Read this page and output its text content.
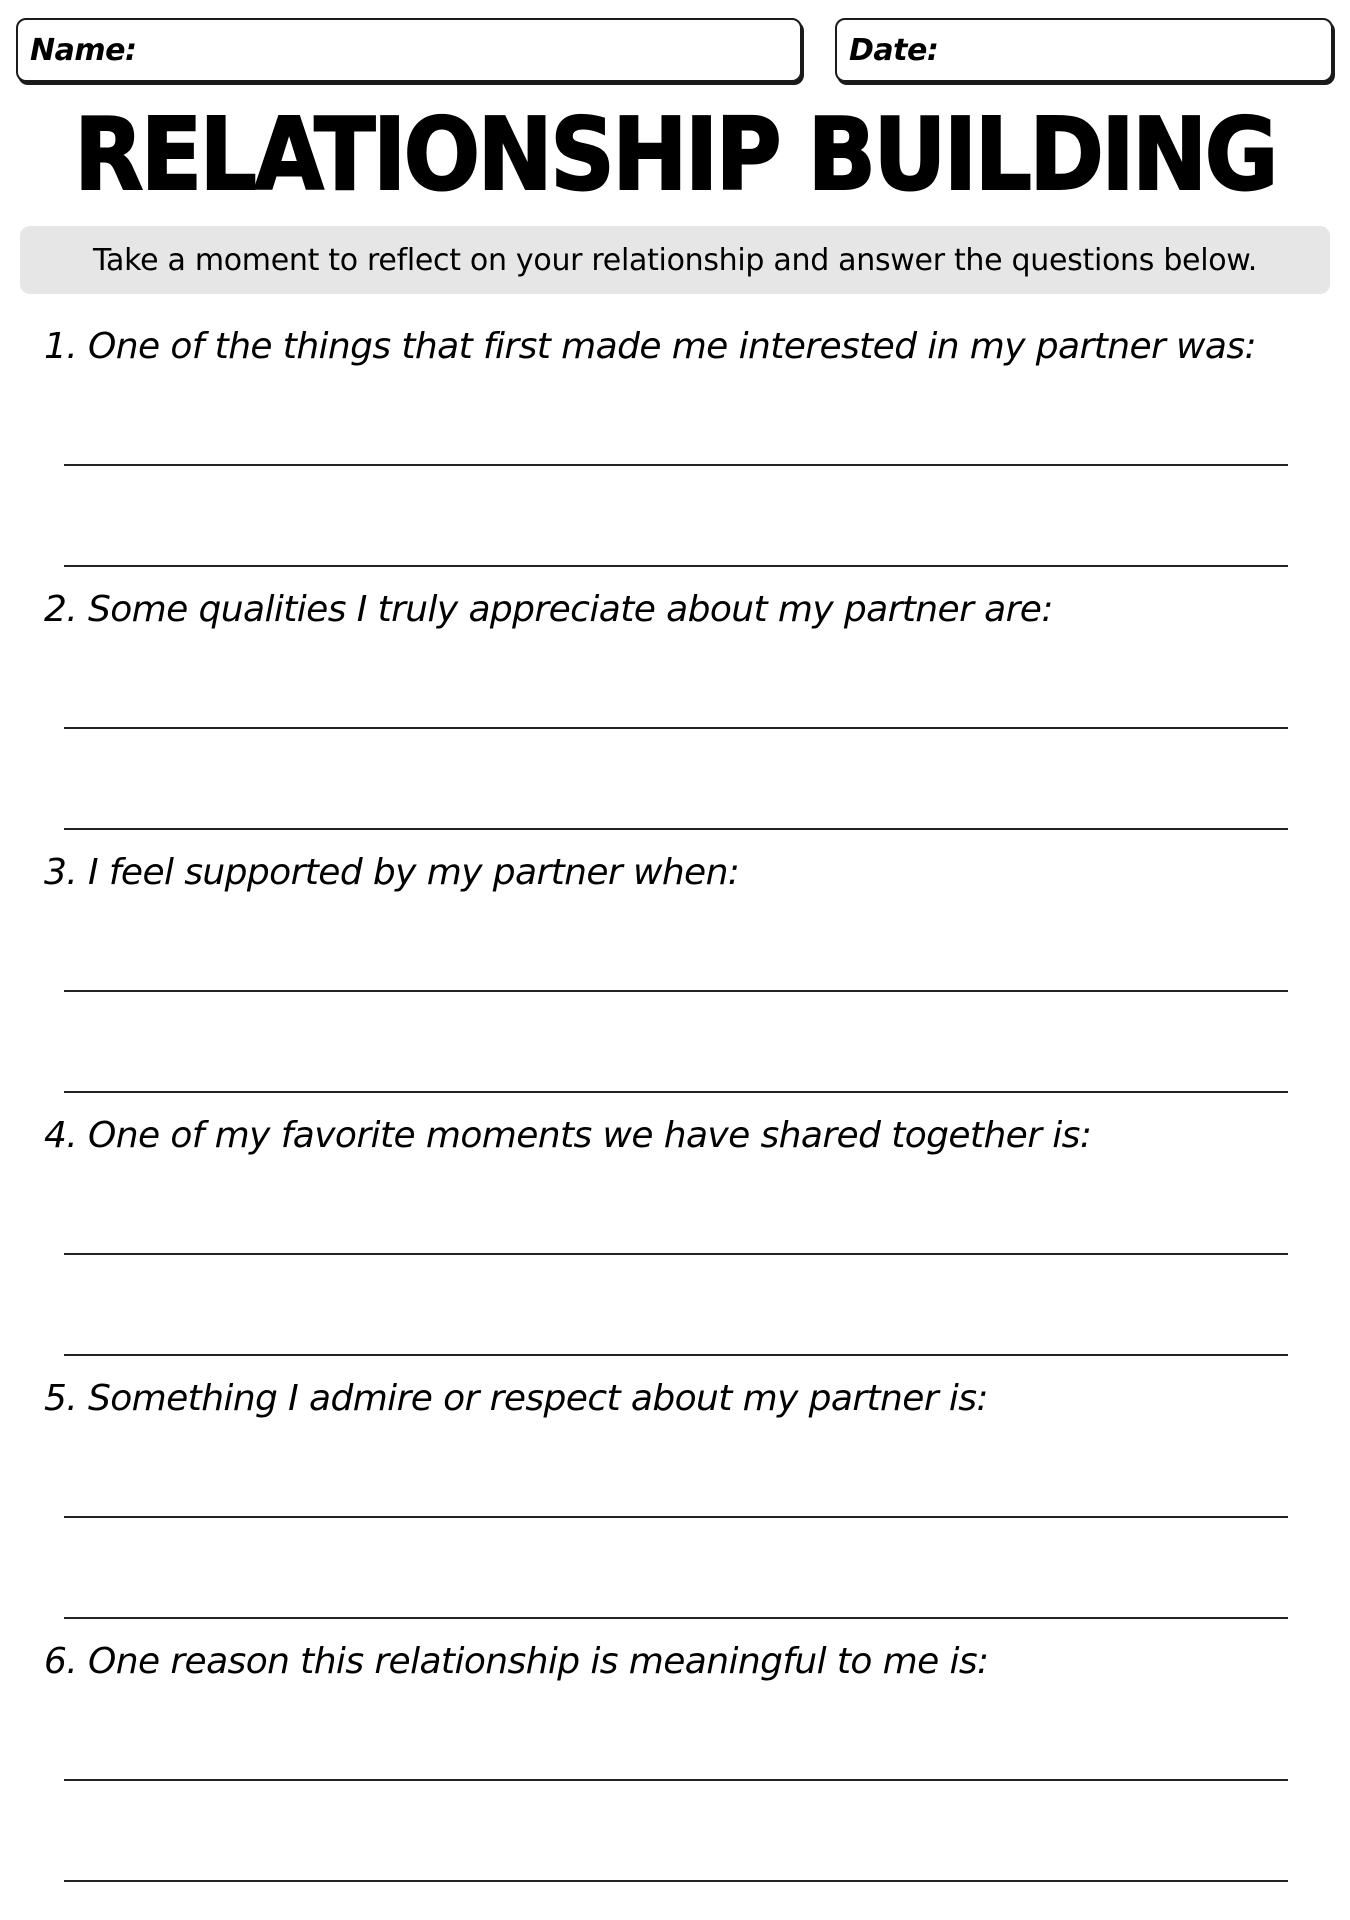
Name:	Date:
RELATIONSHIP BUILDING
Take a moment to reflect on your relationship and answer the questions below.
1. One of the things that first made me interested in my partner was:
2. Some qualities I truly appreciate about my partner are:
3. I feel supported by my partner when:
4. One of my favorite moments we have shared together is:
5. Something I admire or respect about my partner is:
6. One reason this relationship is meaningful to me is:
